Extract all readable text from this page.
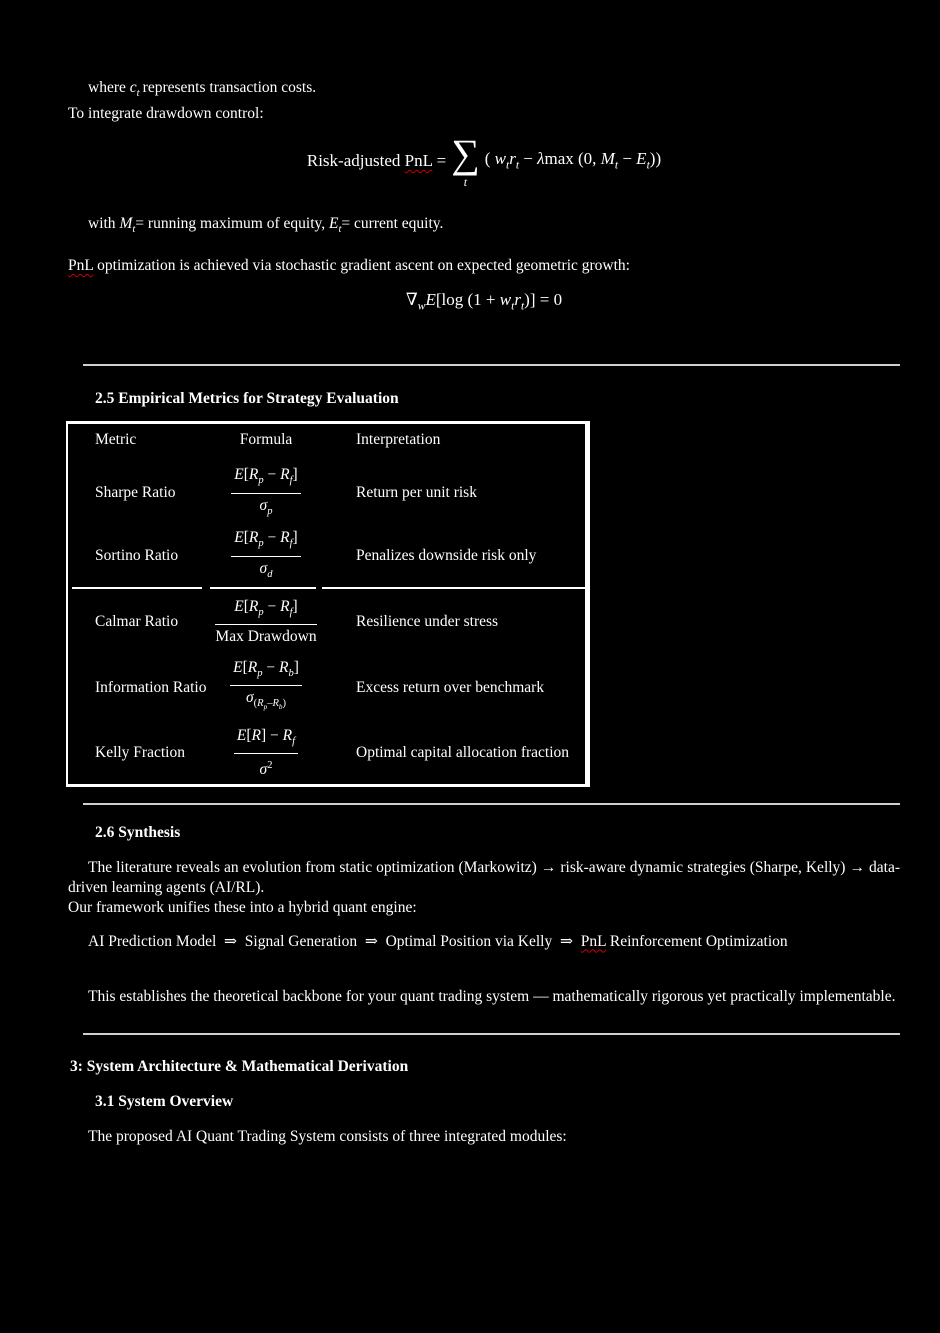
where $c_t$ represents transaction costs.

To integrate drawdown control:

Risk-adjusted PnL = ∑
t
( $w_tr_t - \lambda\max$ (0, $M_t - E_t$))

with $M_t=$ running maximum of equity, $E_t=$ current equity.

PnL optimization is achieved via stochastic gradient ascent on expected geometric growth:

$\nabla_wE[\log$ $(1 + w_tr_t)] = 0$

2.5 Empirical Metrics for Strategy Evaluation
Metric	Formula	Interpretation
Sharpe Ratio	$\frac{E[R_p - R_f]}{\sigma_p}$	Return per unit risk
Sortino Ratio	$\frac{E[R_p - R_f]}{\sigma_d}$	Penalizes downside risk only
Calmar Ratio	$\frac{E[R_p - R_f]}{\text{Max Drawdown}}$	Resilience under stress
Information Ratio $\frac{E[R_p - R_b]}{\sigma_{(R_p-R_b)}}$	Excess return over benchmark
Kelly Fraction	$\frac{E[R] - R_f}{\sigma^2}$	Optimal capital allocation fraction
2.6 Synthesis

The literature reveals an evolution from static optimization (Markowitz) → risk-aware dynamic strategies (Sharpe, Kelly) → data-driven learning agents (AI/RL).
Our framework unifies these into a hybrid quant engine:

AI Prediction Model  ⇒  Signal Generation  ⇒  Optimal Position via Kelly  ⇒  PnL Reinforcement Optimization

This establishes the theoretical backbone for your quant trading system — mathematically rigorous yet practically implementable.

3: System Architecture & Mathematical Derivation
3.1 System Overview

The proposed AI Quant Trading System consists of three integrated modules:
